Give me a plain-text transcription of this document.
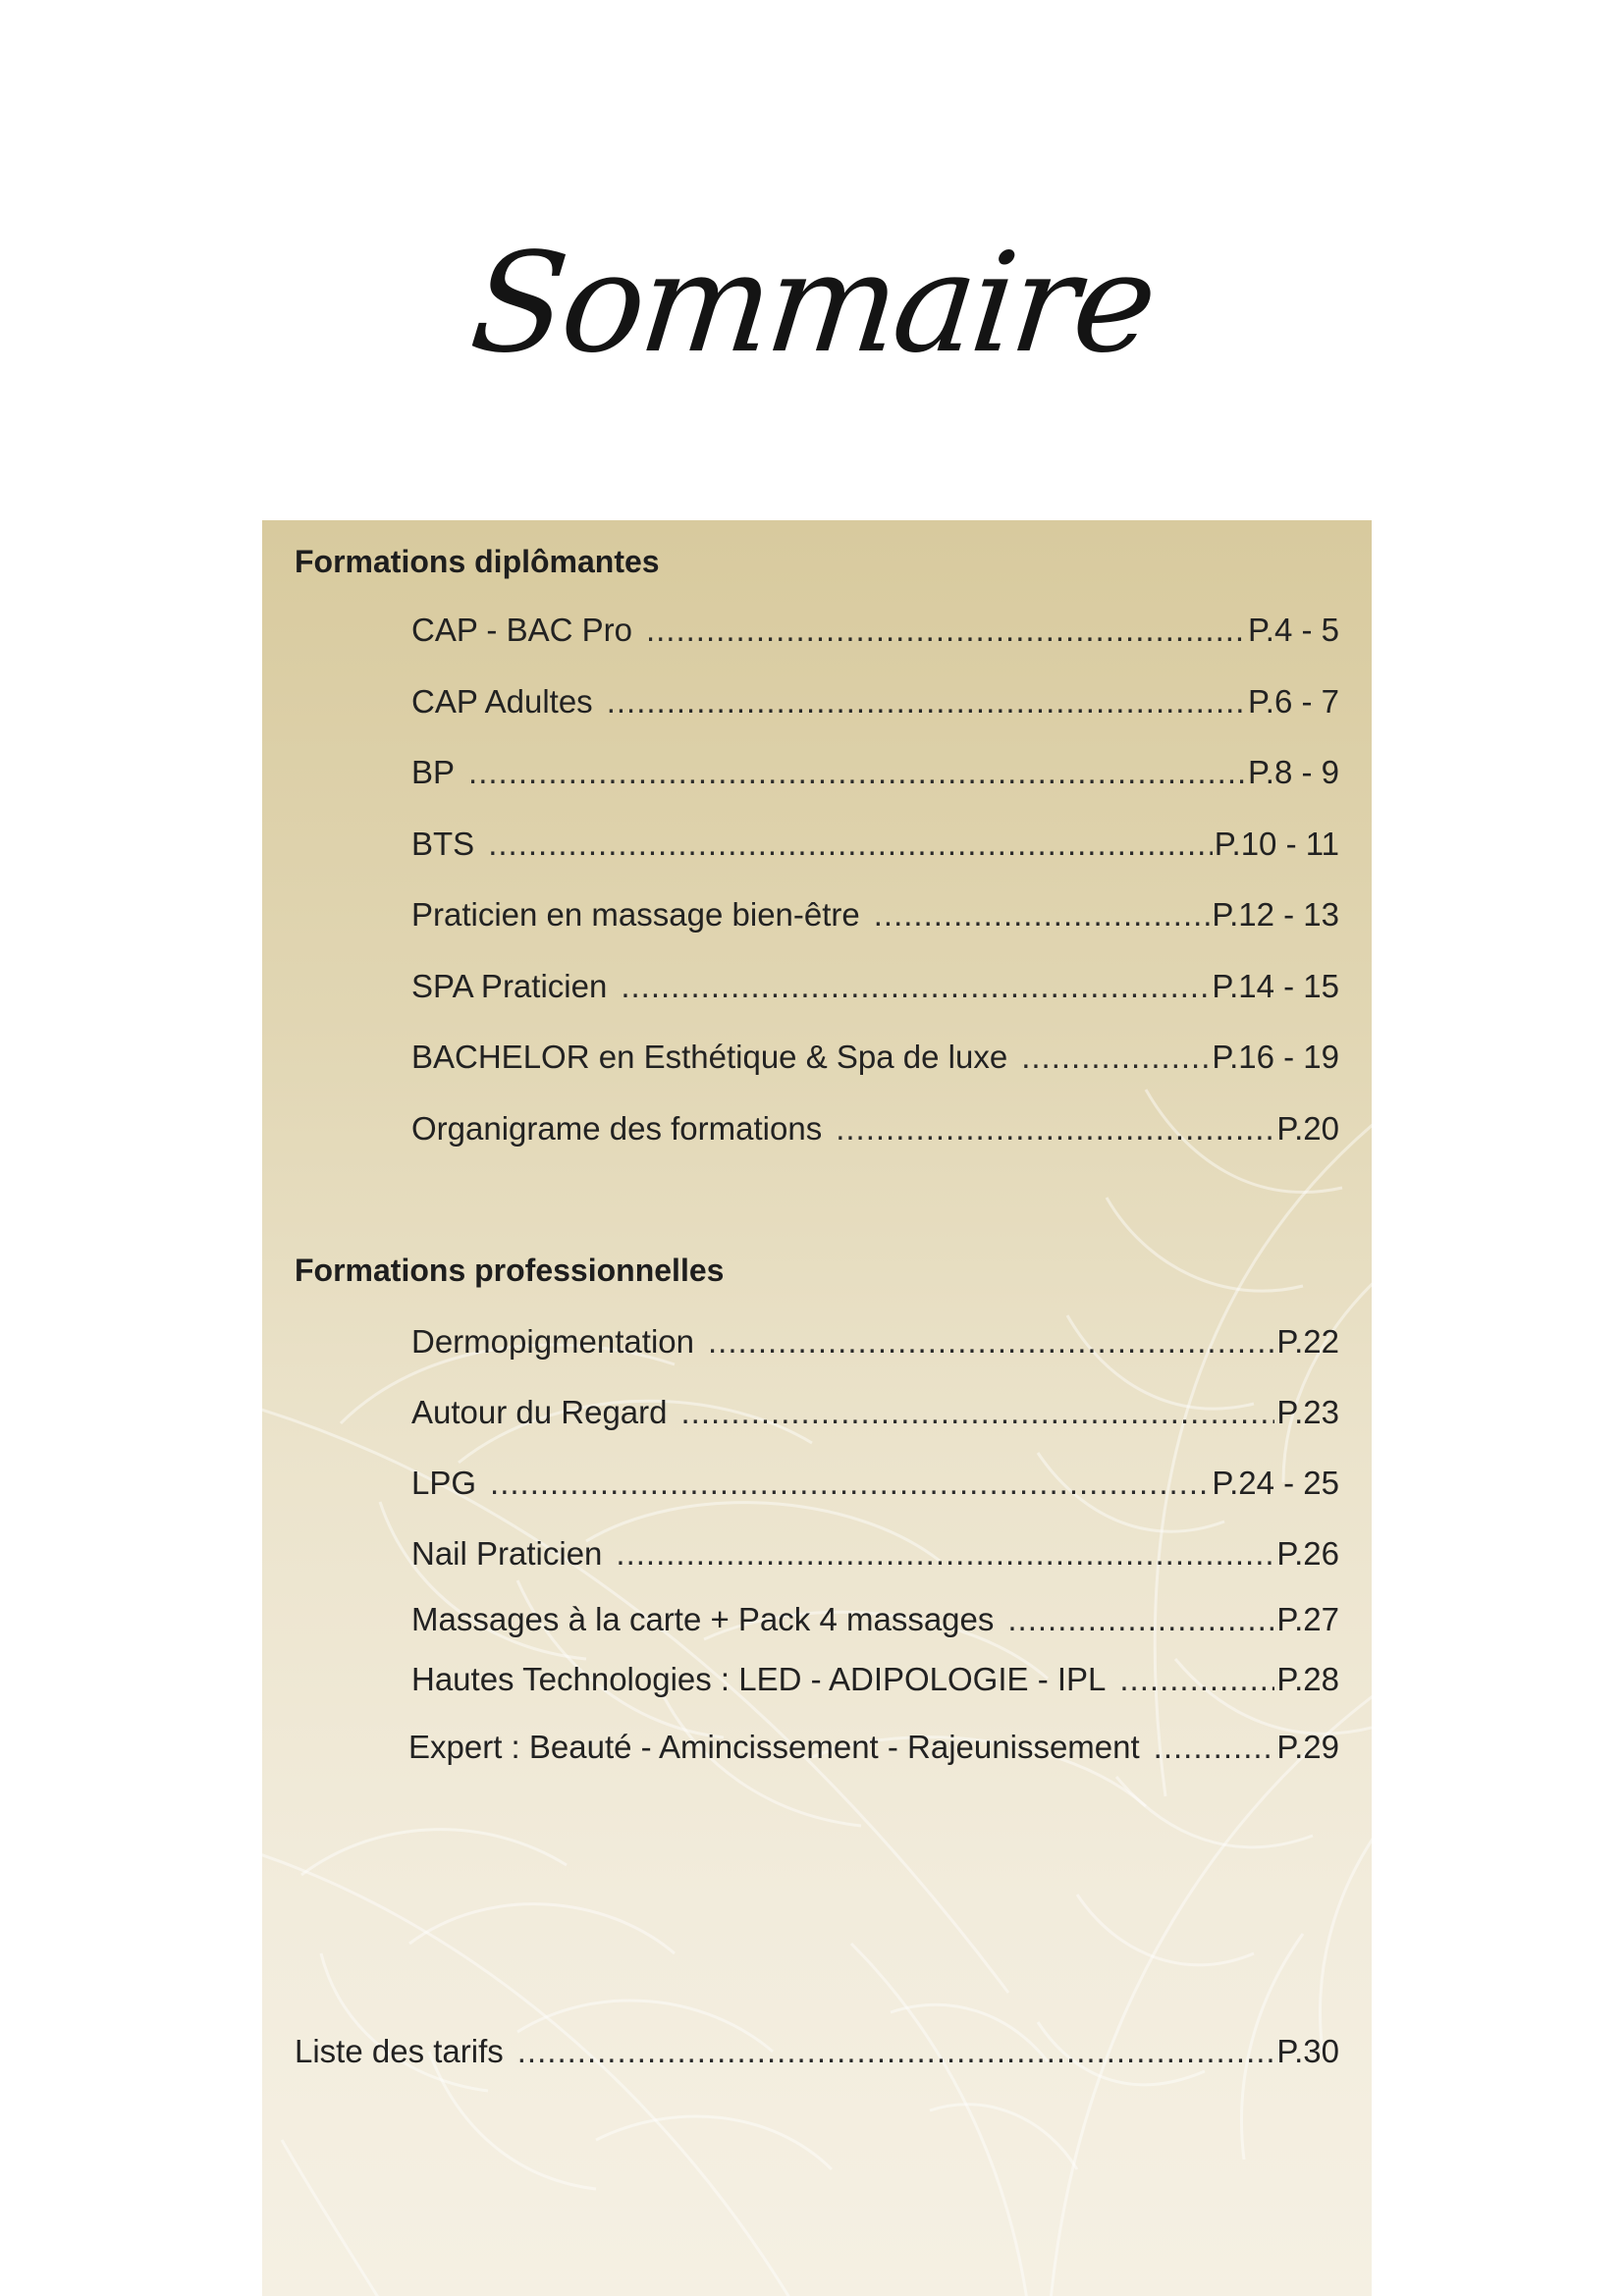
Sommaire
Formations diplômantes
CAP - BAC Pro .....	P.4 - 5
CAP Adultes .....	P.6 - 7
BP .....	P.8 - 9
BTS .....	P.10 - 11
Praticien en massage bien-être .....	P.12 - 13
SPA Praticien .....	P.14 - 15
BACHELOR en Esthétique & Spa de luxe .....	P.16 - 19
Organigrame des formations .....	P.20
Formations professionnelles
Dermopigmentation .....	P.22
Autour du Regard .....	P.23
LPG .....	P.24 - 25
Nail Praticien .....	P.26
Massages à la carte + Pack 4 massages .....	P.27
Hautes Technologies : LED - ADIPOLOGIE - IPL .....	P.28
Expert : Beauté - Amincissement - Rajeunissement .....	P.29
Liste des tarifs .....	P.30
